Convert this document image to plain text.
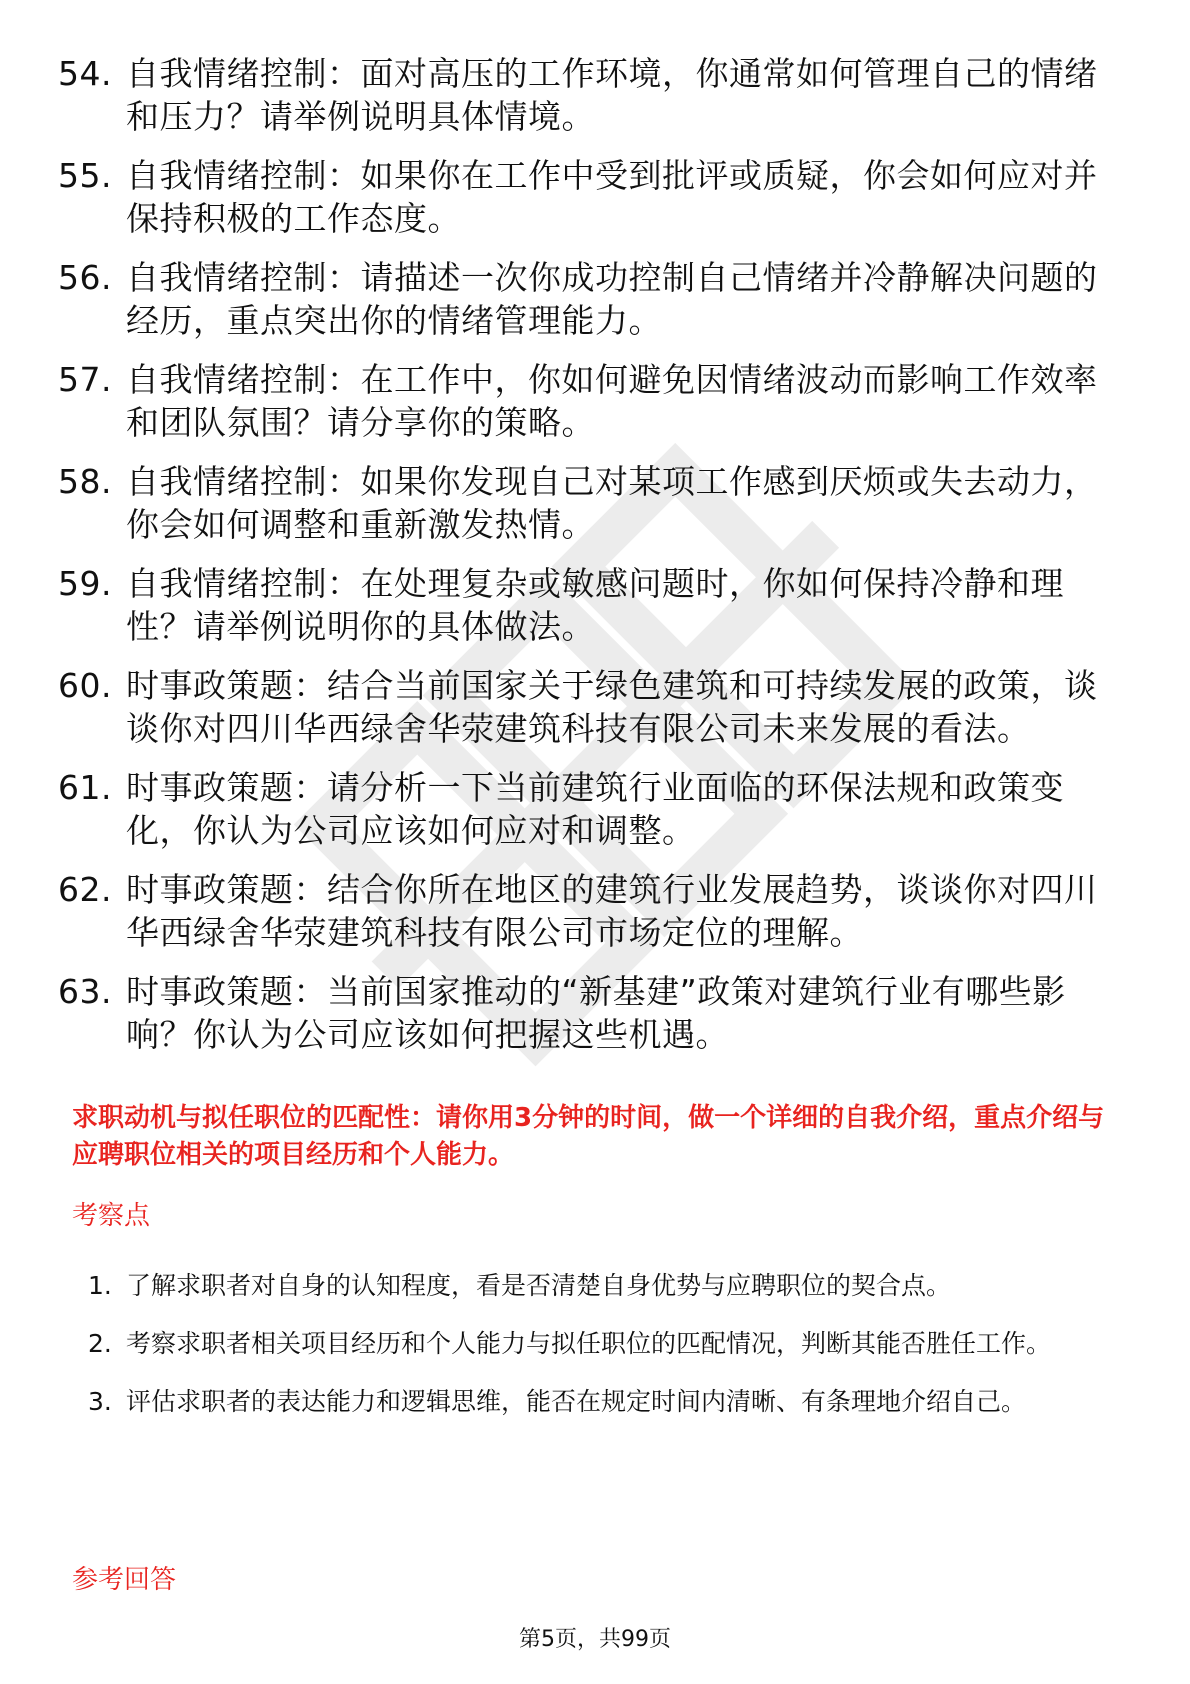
54. 自我情绪控制：面对高压的工作环境，你通常如何管理自己的情绪和压力？请举例说明具体情境。
55. 自我情绪控制：如果你在工作中受到批评或质疑，你会如何应对并保持积极的工作态度。
56. 自我情绪控制：请描述一次你成功控制自己情绪并冷静解决问题的经历，重点突出你的情绪管理能力。
57. 自我情绪控制：在工作中，你如何避免因情绪波动而影响工作效率和团队氛围？请分享你的策略。
58. 自我情绪控制：如果你发现自己对某项工作感到厌烦或失去动力，你会如何调整和重新激发热情。
59. 自我情绪控制：在处理复杂或敏感问题时，你如何保持冷静和理性？请举例说明你的具体做法。
60. 时事政策题：结合当前国家关于绿色建筑和可持续发展的政策，谈谈你对四川华西绿舍华荥建筑科技有限公司未来发展的看法。
61. 时事政策题：请分析一下当前建筑行业面临的环保法规和政策变化，你认为公司应该如何应对和调整。
62. 时事政策题：结合你所在地区的建筑行业发展趋势，谈谈你对四川华西绿舍华荥建筑科技有限公司市场定位的理解。
63. 时事政策题：当前国家推动的“新基建”政策对建筑行业有哪些影响？你认为公司应该如何把握这些机遇。
求职动机与拟任职位的匹配性：请你用3分钟的时间，做一个详细的自我介绍，重点介绍与应聘职位相关的项目经历和个人能力。
考察点
1. 了解求职者对自身的认知程度，看是否清楚自身优势与应聘职位的契合点。
2. 考察求职者相关项目经历和个人能力与拟任职位的匹配情况，判断其能否胜任工作。
3. 评估求职者的表达能力和逻辑思维，能否在规定时间内清晰、有条理地介绍自己。
参考回答
第5页，共99页
